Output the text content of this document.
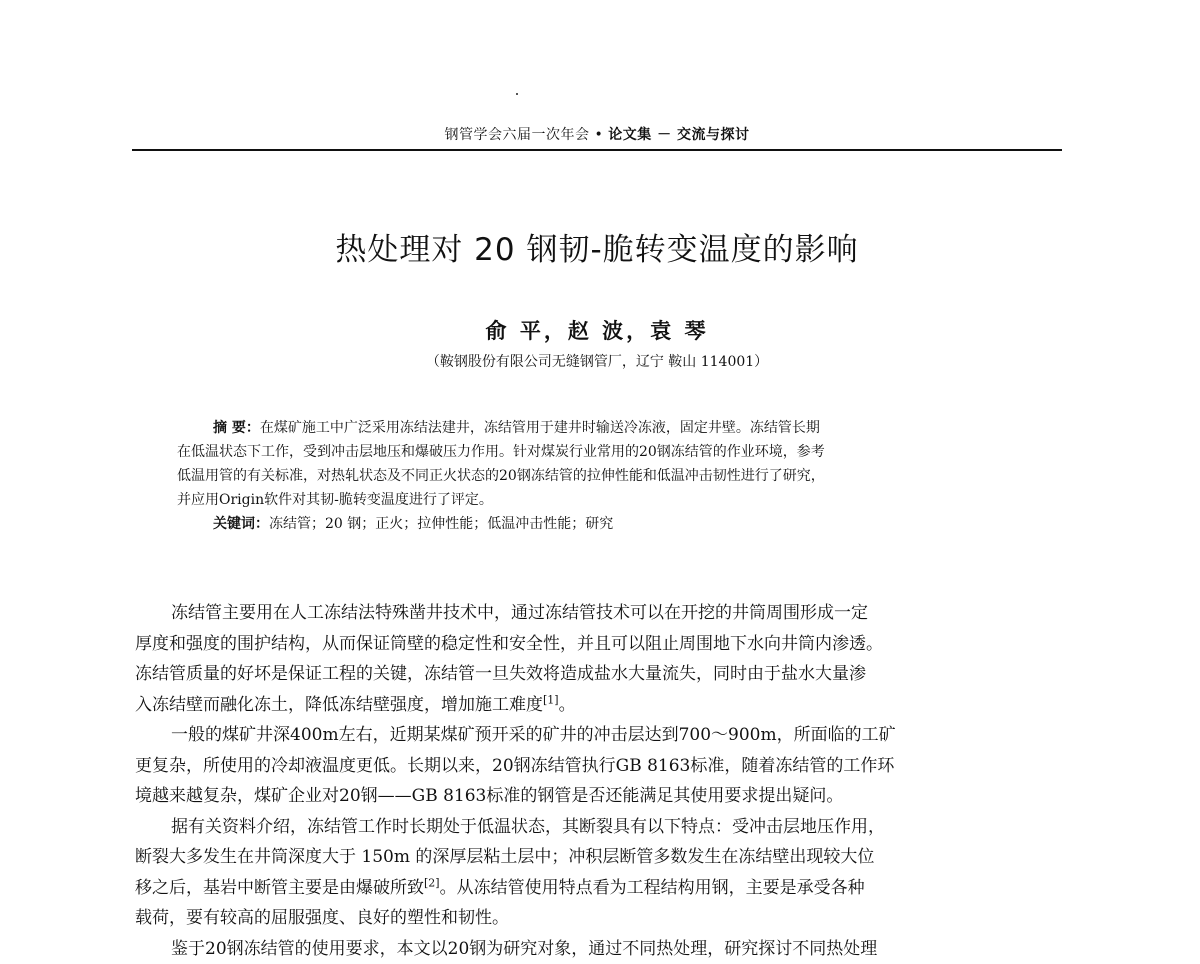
钢管学会六届一次年会 • 论文集 － 交流与探讨
热处理对 20 钢韧-脆转变温度的影响
俞 平，赵 波，袁 琴
（鞍钢股份有限公司无缝钢管厂，辽宁 鞍山 114001）
摘 要：在煤矿施工中广泛采用冻结法建井，冻结管用于建井时输送冷冻液，固定井壁。冻结管长期
在低温状态下工作，受到冲击层地压和爆破压力作用。针对煤炭行业常用的20钢冻结管的作业环境，参考
低温用管的有关标准，对热轧状态及不同正火状态的20钢冻结管的拉伸性能和低温冲击韧性进行了研究，
并应用Origin软件对其韧-脆转变温度进行了评定。
关键词：冻结管；20 钢；正火；拉伸性能；低温冲击性能；研究
冻结管主要用在人工冻结法特殊凿井技术中，通过冻结管技术可以在开挖的井筒周围形成一定
厚度和强度的围护结构，从而保证筒壁的稳定性和安全性，并且可以阻止周围地下水向井筒内渗透。
冻结管质量的好坏是保证工程的关键，冻结管一旦失效将造成盐水大量流失，同时由于盐水大量渗
入冻结壁而融化冻土，降低冻结壁强度，增加施工难度[1]。
一般的煤矿井深400m左右，近期某煤矿预开采的矿井的冲击层达到700～900m，所面临的工矿
更复杂，所使用的冷却液温度更低。长期以来，20钢冻结管执行GB 8163标准，随着冻结管的工作环
境越来越复杂，煤矿企业对20钢——GB 8163标准的钢管是否还能满足其使用要求提出疑问。
据有关资料介绍，冻结管工作时长期处于低温状态，其断裂具有以下特点：受冲击层地压作用，
断裂大多发生在井筒深度大于 150m 的深厚层粘土层中；冲积层断管多数发生在冻结壁出现较大位
移之后，基岩中断管主要是由爆破所致[2]。从冻结管使用特点看为工程结构用钢，主要是承受各种
载荷，要有较高的屈服强度、良好的塑性和韧性。
鉴于20钢冻结管的使用要求，本文以20钢为研究对象，通过不同热处理，研究探讨不同热处理
